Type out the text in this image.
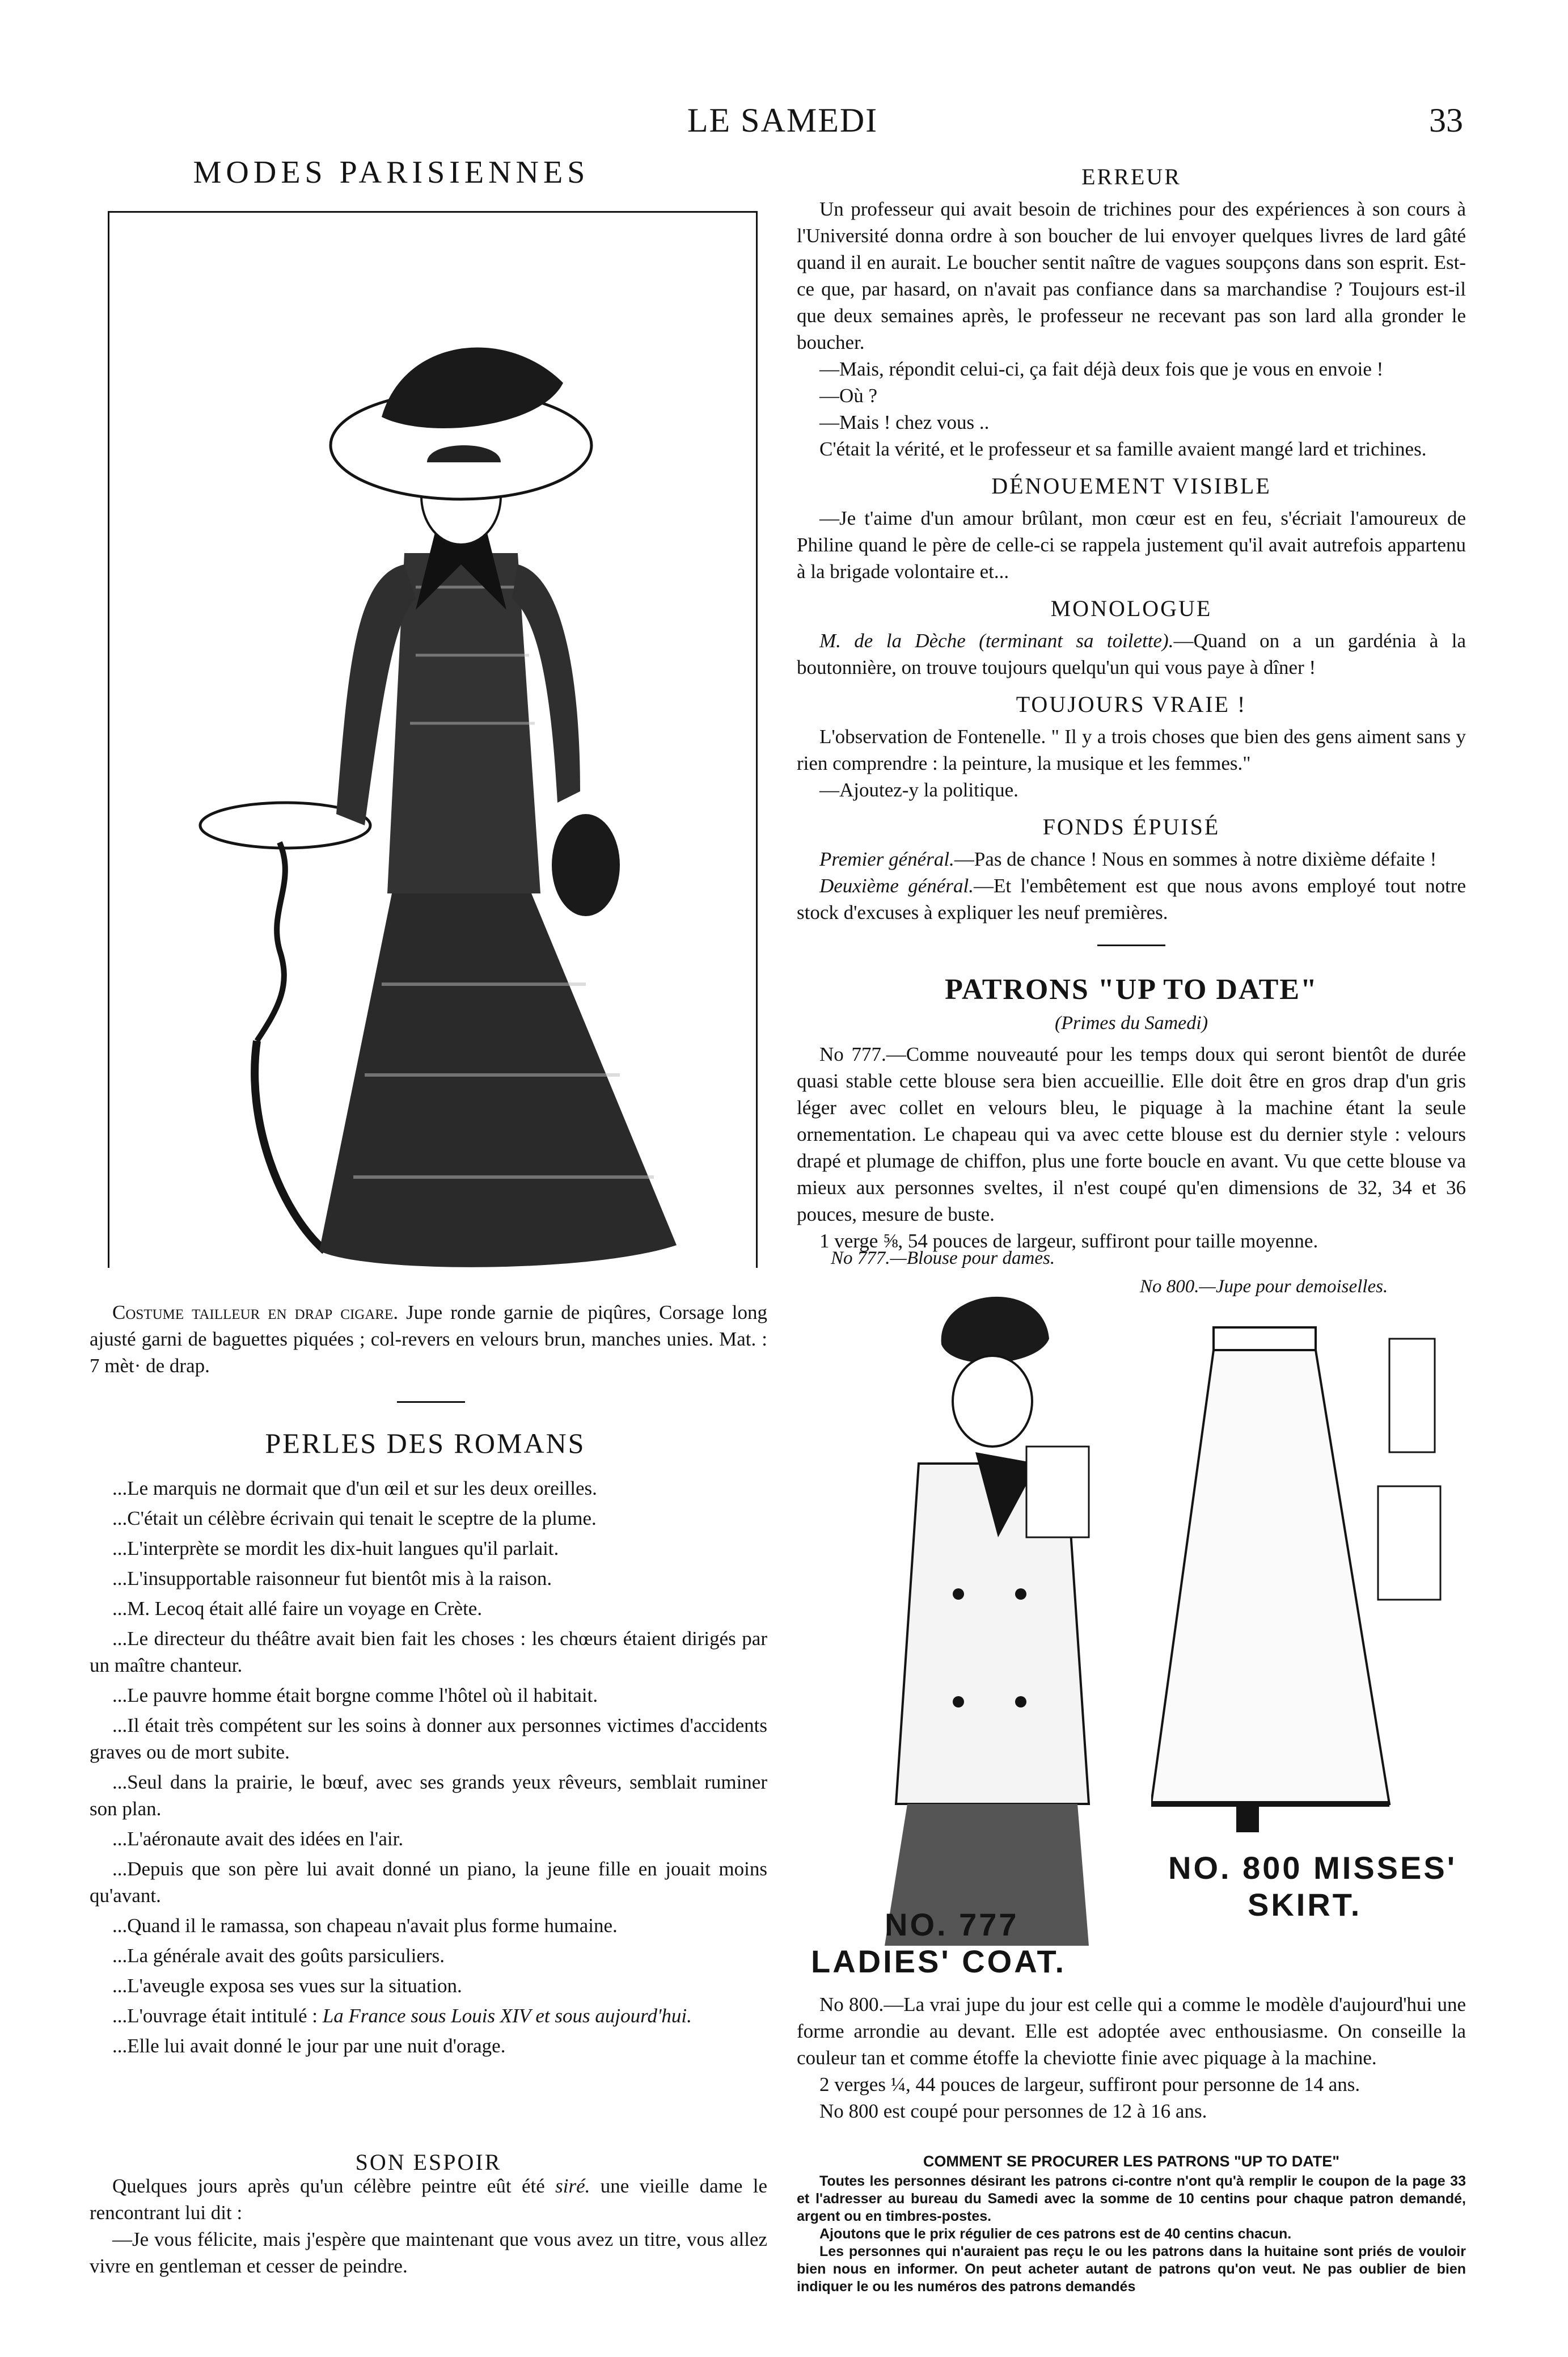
LE SAMEDI	33
MODES PARISIENNES

Costume tailleur en drap cigare. Jupe ronde garnie de piqûres, Corsage long ajusté garni de baguettes piquées ; col-revers en velours brun, manches unies. Mat. : 7 mèt· de drap.

PERLES DES ROMANS

...Le marquis ne dormait que d'un œil et sur les deux oreilles.

...C'était un célèbre écrivain qui tenait le sceptre de la plume.

...L'interprète se mordit les dix-huit langues qu'il parlait.

...L'insupportable raisonneur fut bientôt mis à la raison.

...M. Lecoq était allé faire un voyage en Crète.

...Le directeur du théâtre avait bien fait les choses : les chœurs étaient dirigés par un maître chanteur.

...Le pauvre homme était borgne comme l'hôtel où il habitait.

...Il était très compétent sur les soins à donner aux personnes victimes d'accidents graves ou de mort subite.

...Seul dans la prairie, le bœuf, avec ses grands yeux rêveurs, semblait ruminer son plan.

...L'aéronaute avait des idées en l'air.

...Depuis que son père lui avait donné un piano, la jeune fille en jouait moins qu'avant.

...Quand il le ramassa, son chapeau n'avait plus forme humaine.

...La générale avait des goûts parsiculiers.

...L'aveugle exposa ses vues sur la situation.

...L'ouvrage était intitulé : La France sous Louis XIV et sous aujourd'hui.

...Elle lui avait donné le jour par une nuit d'orage.

SON ESPOIR

Quelques jours après qu'un célèbre peintre eût été siré. une vieille dame le rencontrant lui dit :

—Je vous félicite, mais j'espère que maintenant que vous avez un titre, vous allez vivre en gentleman et cesser de peindre.

ERREUR

Un professeur qui avait besoin de trichines pour des expériences à son cours à l'Université donna ordre à son boucher de lui envoyer quelques livres de lard gâté quand il en aurait. Le boucher sentit naître de vagues soupçons dans son esprit. Est-ce que, par hasard, on n'avait pas confiance dans sa marchandise ? Toujours est-il que deux semaines après, le professeur ne recevant pas son lard alla gronder le boucher.

—Mais, répondit celui-ci, ça fait déjà deux fois que je vous en envoie !

—Où ?

—Mais ! chez vous ..

C'était la vérité, et le professeur et sa famille avaient mangé lard et trichines.

DÉNOUEMENT VISIBLE

—Je t'aime d'un amour brûlant, mon cœur est en feu, s'écriait l'amoureux de Philine quand le père de celle-ci se rappela justement qu'il avait autrefois appartenu à la brigade volontaire et...

MONOLOGUE

M. de la Dèche (terminant sa toilette).—Quand on a un gardénia à la boutonnière, on trouve toujours quelqu'un qui vous paye à dîner !

TOUJOURS VRAIE !

L'observation de Fontenelle. " Il y a trois choses que bien des gens aiment sans y rien comprendre : la peinture, la musique et les femmes."

—Ajoutez-y la politique.

FONDS ÉPUISÉ

Premier général.—Pas de chance ! Nous en sommes à notre dixième défaite !

Deuxième général.—Et l'embêtement est que nous avons employé tout notre stock d'excuses à expliquer les neuf premières.

PATRONS "UP TO DATE"
(Primes du Samedi)

No 777.—Comme nouveauté pour les temps doux qui seront bientôt de durée quasi stable cette blouse sera bien accueillie. Elle doit être en gros drap d'un gris léger avec collet en velours bleu, le piquage à la machine étant la seule ornementation. Le chapeau qui va avec cette blouse est du dernier style : velours drapé et plumage de chiffon, plus une forte boucle en avant. Vu que cette blouse va mieux aux personnes sveltes, il n'est coupé qu'en dimensions de 32, 34 et 36 pouces, mesure de buste.

1 verge ⅝, 54 pouces de largeur, suffiront pour taille moyenne.

No 777.—Blouse pour dames.
No 800.—Jupe pour demoiselles.
NO. 777
LADIES' COAT.
NO. 800 MISSES'
SKIRT.

No 800.—La vrai jupe du jour est celle qui a comme le modèle d'aujourd'hui une forme arrondie au devant. Elle est adoptée avec enthousiasme. On conseille la couleur tan et comme étoffe la cheviotte finie avec piquage à la machine.

2 verges ¼, 44 pouces de largeur, suffiront pour personne de 14 ans.

No 800 est coupé pour personnes de 12 à 16 ans.

COMMENT SE PROCURER LES PATRONS "UP TO DATE"

Toutes les personnes désirant les patrons ci-contre n'ont qu'à remplir le coupon de la page 33 et l'adresser au bureau du Samedi avec la somme de 10 centins pour chaque patron demandé, argent ou en timbres-postes.

Ajoutons que le prix régulier de ces patrons est de 40 centins chacun.

Les personnes qui n'auraient pas reçu le ou les patrons dans la huitaine sont priés de vouloir bien nous en informer. On peut acheter autant de patrons qu'on veut. Ne pas oublier de bien indiquer le ou les numéros des patrons demandés
